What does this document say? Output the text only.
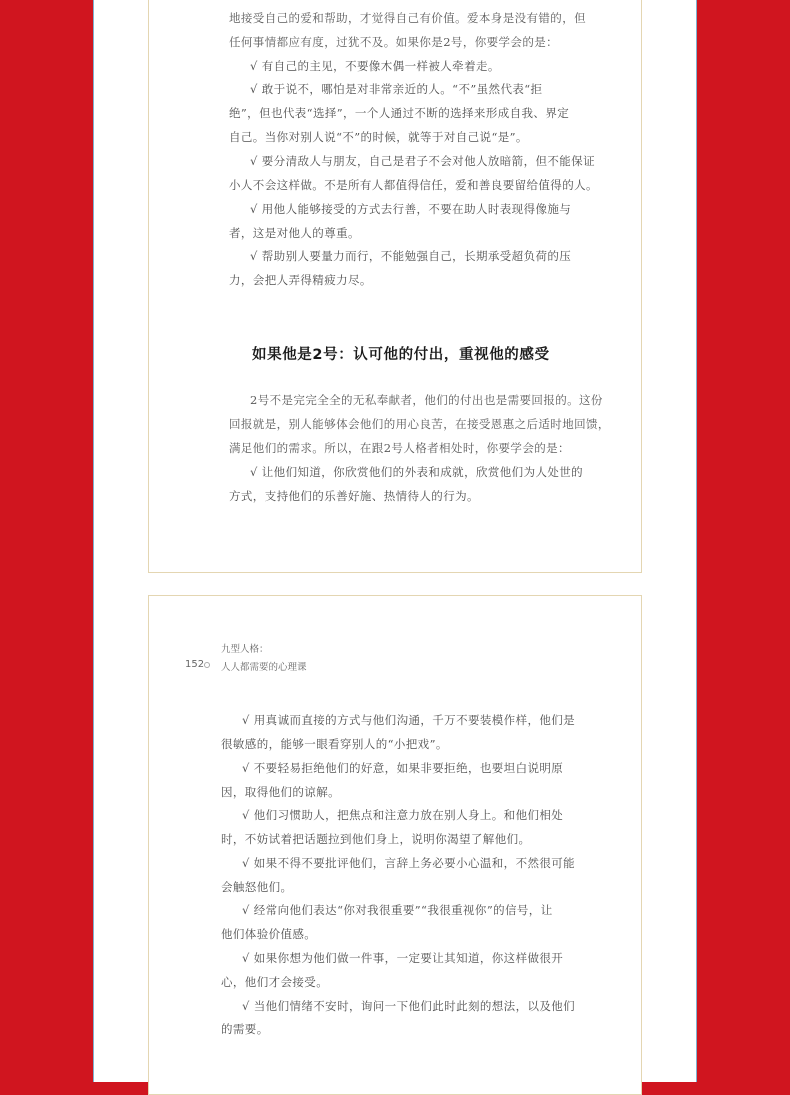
地接受自己的爱和帮助，才觉得自己有价值。爱本身是没有错的，但
任何事情都应有度，过犹不及。如果你是2号，你要学会的是：
√ 有自己的主见，不要像木偶一样被人牵着走。
√ 敢于说不，哪怕是对非常亲近的人。“不”虽然代表“拒
绝”，但也代表“选择”，一个人通过不断的选择来形成自我、界定
自己。当你对别人说“不”的时候，就等于对自己说“是”。
√ 要分清敌人与朋友，自己是君子不会对他人放暗箭，但不能保证
小人不会这样做。不是所有人都值得信任，爱和善良要留给值得的人。
√ 用他人能够接受的方式去行善，不要在助人时表现得像施与
者，这是对他人的尊重。
√ 帮助别人要量力而行，不能勉强自己，长期承受超负荷的压
力，会把人弄得精疲力尽。
如果他是2号：认可他的付出，重视他的感受
2号不是完完全全的无私奉献者，他们的付出也是需要回报的。这份
回报就是，别人能够体会他们的用心良苦，在接受恩惠之后适时地回馈，
满足他们的需求。所以，在跟2号人格者相处时，你要学会的是：
√ 让他们知道，你欣赏他们的外表和成就，欣赏他们为人处世的
方式，支持他们的乐善好施、热情待人的行为。
九型人格：
人人都需要的心理课
152
√ 用真诚而直接的方式与他们沟通，千万不要装模作样，他们是
很敏感的，能够一眼看穿别人的“小把戏”。
√ 不要轻易拒绝他们的好意，如果非要拒绝，也要坦白说明原
因，取得他们的谅解。
√ 他们习惯助人，把焦点和注意力放在别人身上。和他们相处
时，不妨试着把话题拉到他们身上，说明你渴望了解他们。
√ 如果不得不要批评他们，言辞上务必要小心温和，不然很可能
会触怒他们。
√ 经常向他们表达“你对我很重要”“我很重视你”的信号，让
他们体验价值感。
√ 如果你想为他们做一件事，一定要让其知道，你这样做很开
心，他们才会接受。
√ 当他们情绪不安时，询问一下他们此时此刻的想法，以及他们
的需要。
